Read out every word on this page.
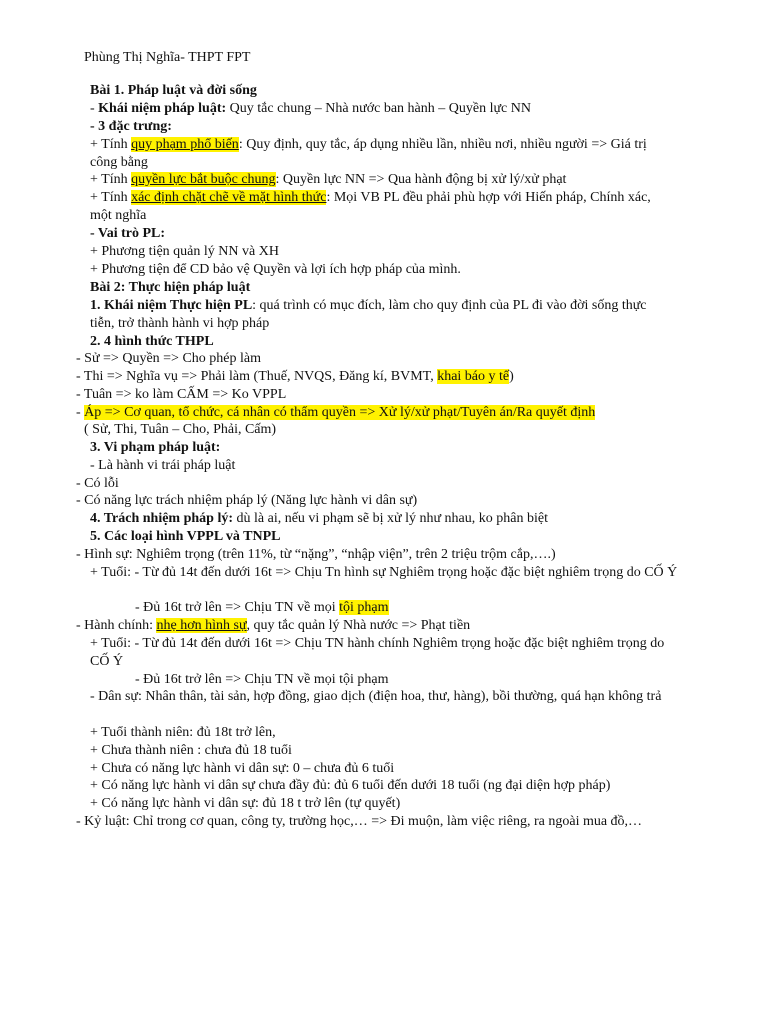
Phùng Thị Nghĩa- THPT FPT
Bài 1. Pháp luật và đời sống
- Khái niệm pháp luật: Quy tắc chung – Nhà nước ban hành – Quyền lực NN
- 3 đặc trưng:
+ Tính quy phạm phổ biến: Quy định, quy tắc, áp dụng nhiều lần, nhiều nơi, nhiều người => Giá trị công bằng
+ Tính quyền lực bắt buộc chung: Quyền lực NN => Qua hành động bị xử lý/xử phạt
+ Tính xác định chặt chẽ về mặt hình thức: Mọi VB PL đều phải phù hợp với Hiến pháp, Chính xác, một nghĩa
- Vai trò PL:
+ Phương tiện quản lý NN và XH
+ Phương tiện để CD bảo vệ Quyền và lợi ích hợp pháp của mình.
Bài 2: Thực hiện pháp luật
1. Khái niệm Thực hiện PL: quá trình có mục đích, làm cho quy định của PL đi vào đời sống thực tiễn, trở thành hành vi hợp pháp
2. 4 hình thức THPL
- Sử => Quyền => Cho phép làm
- Thi => Nghĩa vụ => Phải làm (Thuế, NVQS, Đăng kí, BVMT, khai báo y tế)
- Tuân => ko làm CẤM => Ko VPPL
- Áp => Cơ quan, tổ chức, cá nhân có thẩm quyền => Xử lý/xử phạt/Tuyên án/Ra quyết định
( Sử, Thi, Tuân – Cho, Phải, Cấm)
3. Vi phạm pháp luật:
- Là hành vi trái pháp luật
- Có lỗi
- Có năng lực trách nhiệm pháp lý (Năng lực hành vi dân sự)
4. Trách nhiệm pháp lý: dù là ai, nếu vi phạm sẽ bị xử lý như nhau, ko phân biệt
5. Các loại hình VPPL và TNPL
- Hình sự: Nghiêm trọng (trên 11%, từ “nặng”, “nhập viện”, trên 2 triệu trộm cắp,….)
+ Tuổi: - Từ đủ 14t đến dưới 16t => Chịu Tn hình sự Nghiêm trọng hoặc đặc biệt nghiêm trọng do CỐ Ý
- Đủ 16t trở lên => Chịu TN về mọi tội phạm
- Hành chính: nhẹ hơn hình sự, quy tắc quản lý Nhà nước => Phạt tiền
+ Tuổi: - Từ đủ 14t đến dưới 16t => Chịu TN hành chính Nghiêm trọng hoặc đặc biệt nghiêm trọng do CỐ Ý
- Đủ 16t trở lên => Chịu TN về mọi tội phạm
- Dân sự: Nhân thân, tài sản, hợp đồng, giao dịch (điện hoa, thư, hàng), bồi thường, quá hạn không trả
+ Tuổi thành niên: đủ 18t trở lên,
+ Chưa thành niên : chưa đủ 18 tuổi
+ Chưa có năng lực hành vi dân sự: 0 – chưa đủ 6 tuổi
+ Có năng lực hành vi dân sự chưa đầy đủ: đủ 6 tuổi đến dưới 18 tuổi (ng đại diện hợp pháp)
+ Có năng lực hành vi dân sự: đủ 18 t trở lên (tự quyết)
- Kỷ luật: Chỉ trong cơ quan, công ty, trường học,… => Đi muộn, làm việc riêng, ra ngoài mua đồ,…
